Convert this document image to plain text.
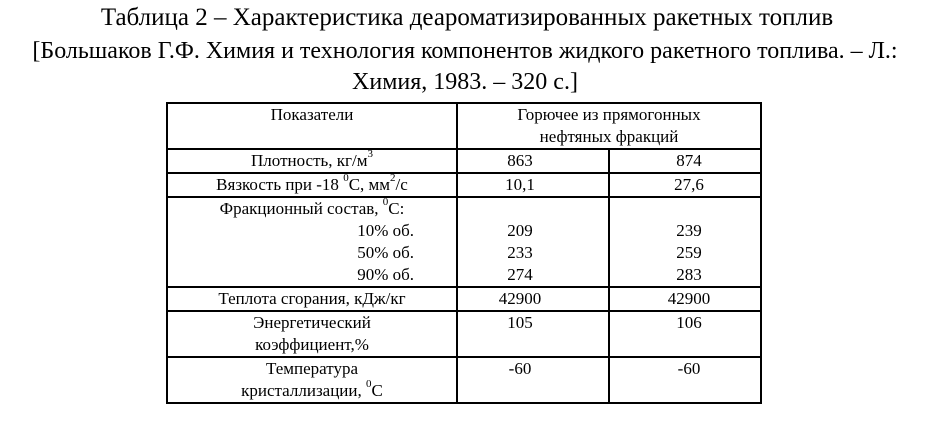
Таблица 2 – Характеристика деароматизированных ракетных топлив
[Большаков Г.Ф. Химия и технология компонентов жидкого ракетного топлива. – Л.:
Химия, 1983. – 320 с.]
Показатели	Горючее из прямогонных
нефтяных фракций	

Плотность, $кг/м^3$	863	874
Вязкость при -18 $^0$С, $мм^2/с$	10,1	27,6
Фракционный состав, $^0$С:		
10% об.	209	239
50% об.	233	259
90% об.	274	283
Теплота сгорания, кДж/кг	42900	42900

Энергетический
коэффициент,%	105	106

Температура
кристаллизации, $^0$С	-60	-60
